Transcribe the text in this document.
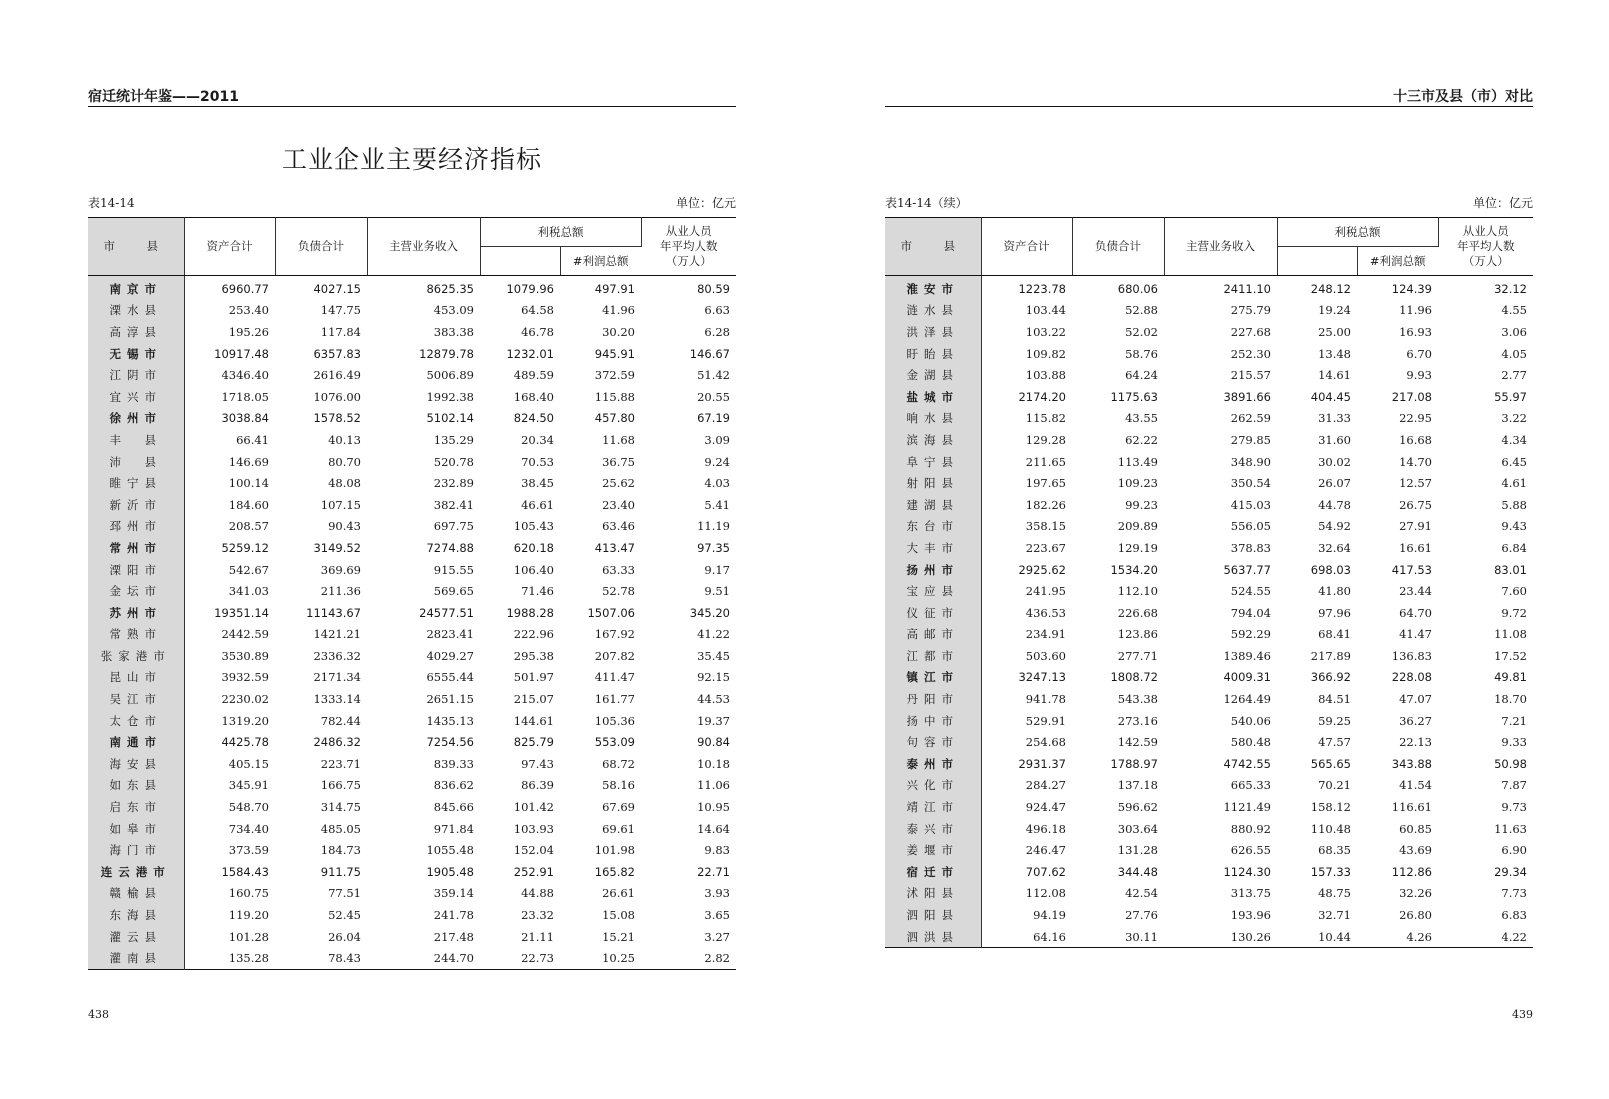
宿迁统计年鉴——2011
工业企业主要经济指标
表14-14	单位：亿元
市　县	资产合计	负债合计	主营业务收入	利税总额		从业人员
年平均人数
（万人）

					#利润总额	
南京市	6960.77	4027.15	8625.35	1079.96	497.91	80.59
溧水县	253.40	147.75	453.09	64.58	41.96	6.63
高淳县	195.26	117.84	383.38	46.78	30.20	6.28
无锡市	10917.48	6357.83	12879.78	1232.01	945.91	146.67
江阴市	4346.40	2616.49	5006.89	489.59	372.59	51.42
宜兴市	1718.05	1076.00	1992.38	168.40	115.88	20.55
徐州市	3038.84	1578.52	5102.14	824.50	457.80	67.19
丰　县	66.41	40.13	135.29	20.34	11.68	3.09
沛　县	146.69	80.70	520.78	70.53	36.75	9.24
睢宁县	100.14	48.08	232.89	38.45	25.62	4.03
新沂市	184.60	107.15	382.41	46.61	23.40	5.41
邳州市	208.57	90.43	697.75	105.43	63.46	11.19
常州市	5259.12	3149.52	7274.88	620.18	413.47	97.35
溧阳市	542.67	369.69	915.55	106.40	63.33	9.17
金坛市	341.03	211.36	569.65	71.46	52.78	9.51
苏州市	19351.14	11143.67	24577.51	1988.28	1507.06	345.20
常熟市	2442.59	1421.21	2823.41	222.96	167.92	41.22
张家港市	3530.89	2336.32	4029.27	295.38	207.82	35.45
昆山市	3932.59	2171.34	6555.44	501.97	411.47	92.15
吴江市	2230.02	1333.14	2651.15	215.07	161.77	44.53
太仓市	1319.20	782.44	1435.13	144.61	105.36	19.37
南通市	4425.78	2486.32	7254.56	825.79	553.09	90.84
海安县	405.15	223.71	839.33	97.43	68.72	10.18
如东县	345.91	166.75	836.62	86.39	58.16	11.06
启东市	548.70	314.75	845.66	101.42	67.69	10.95
如皋市	734.40	485.05	971.84	103.93	69.61	14.64
海门市	373.59	184.73	1055.48	152.04	101.98	9.83
连云港市	1584.43	911.75	1905.48	252.91	165.82	22.71
赣榆县	160.75	77.51	359.14	44.88	26.61	3.93
东海县	119.20	52.45	241.78	23.32	15.08	3.65
灌云县	101.28	26.04	217.48	21.11	15.21	3.27
灌南县	135.28	78.43	244.70	22.73	10.25	2.82
438
十三市及县（市）对比
表14-14（续）	单位：亿元
市　县	资产合计	负债合计	主营业务收入	利税总额		从业人员
年平均人数
（万人）

					#利润总额	
淮安市	1223.78	680.06	2411.10	248.12	124.39	32.12
涟水县	103.44	52.88	275.79	19.24	11.96	4.55
洪泽县	103.22	52.02	227.68	25.00	16.93	3.06
盱眙县	109.82	58.76	252.30	13.48	6.70	4.05
金湖县	103.88	64.24	215.57	14.61	9.93	2.77
盐城市	2174.20	1175.63	3891.66	404.45	217.08	55.97
响水县	115.82	43.55	262.59	31.33	22.95	3.22
滨海县	129.28	62.22	279.85	31.60	16.68	4.34
阜宁县	211.65	113.49	348.90	30.02	14.70	6.45
射阳县	197.65	109.23	350.54	26.07	12.57	4.61
建湖县	182.26	99.23	415.03	44.78	26.75	5.88
东台市	358.15	209.89	556.05	54.92	27.91	9.43
大丰市	223.67	129.19	378.83	32.64	16.61	6.84
扬州市	2925.62	1534.20	5637.77	698.03	417.53	83.01
宝应县	241.95	112.10	524.55	41.80	23.44	7.60
仪征市	436.53	226.68	794.04	97.96	64.70	9.72
高邮市	234.91	123.86	592.29	68.41	41.47	11.08
江都市	503.60	277.71	1389.46	217.89	136.83	17.52
镇江市	3247.13	1808.72	4009.31	366.92	228.08	49.81
丹阳市	941.78	543.38	1264.49	84.51	47.07	18.70
扬中市	529.91	273.16	540.06	59.25	36.27	7.21
句容市	254.68	142.59	580.48	47.57	22.13	9.33
泰州市	2931.37	1788.97	4742.55	565.65	343.88	50.98
兴化市	284.27	137.18	665.33	70.21	41.54	7.87
靖江市	924.47	596.62	1121.49	158.12	116.61	9.73
泰兴市	496.18	303.64	880.92	110.48	60.85	11.63
姜堰市	246.47	131.28	626.55	68.35	43.69	6.90
宿迁市	707.62	344.48	1124.30	157.33	112.86	29.34
沭阳县	112.08	42.54	313.75	48.75	32.26	7.73
泗阳县	94.19	27.76	193.96	32.71	26.80	6.83
泗洪县	64.16	30.11	130.26	10.44	4.26	4.22
439
